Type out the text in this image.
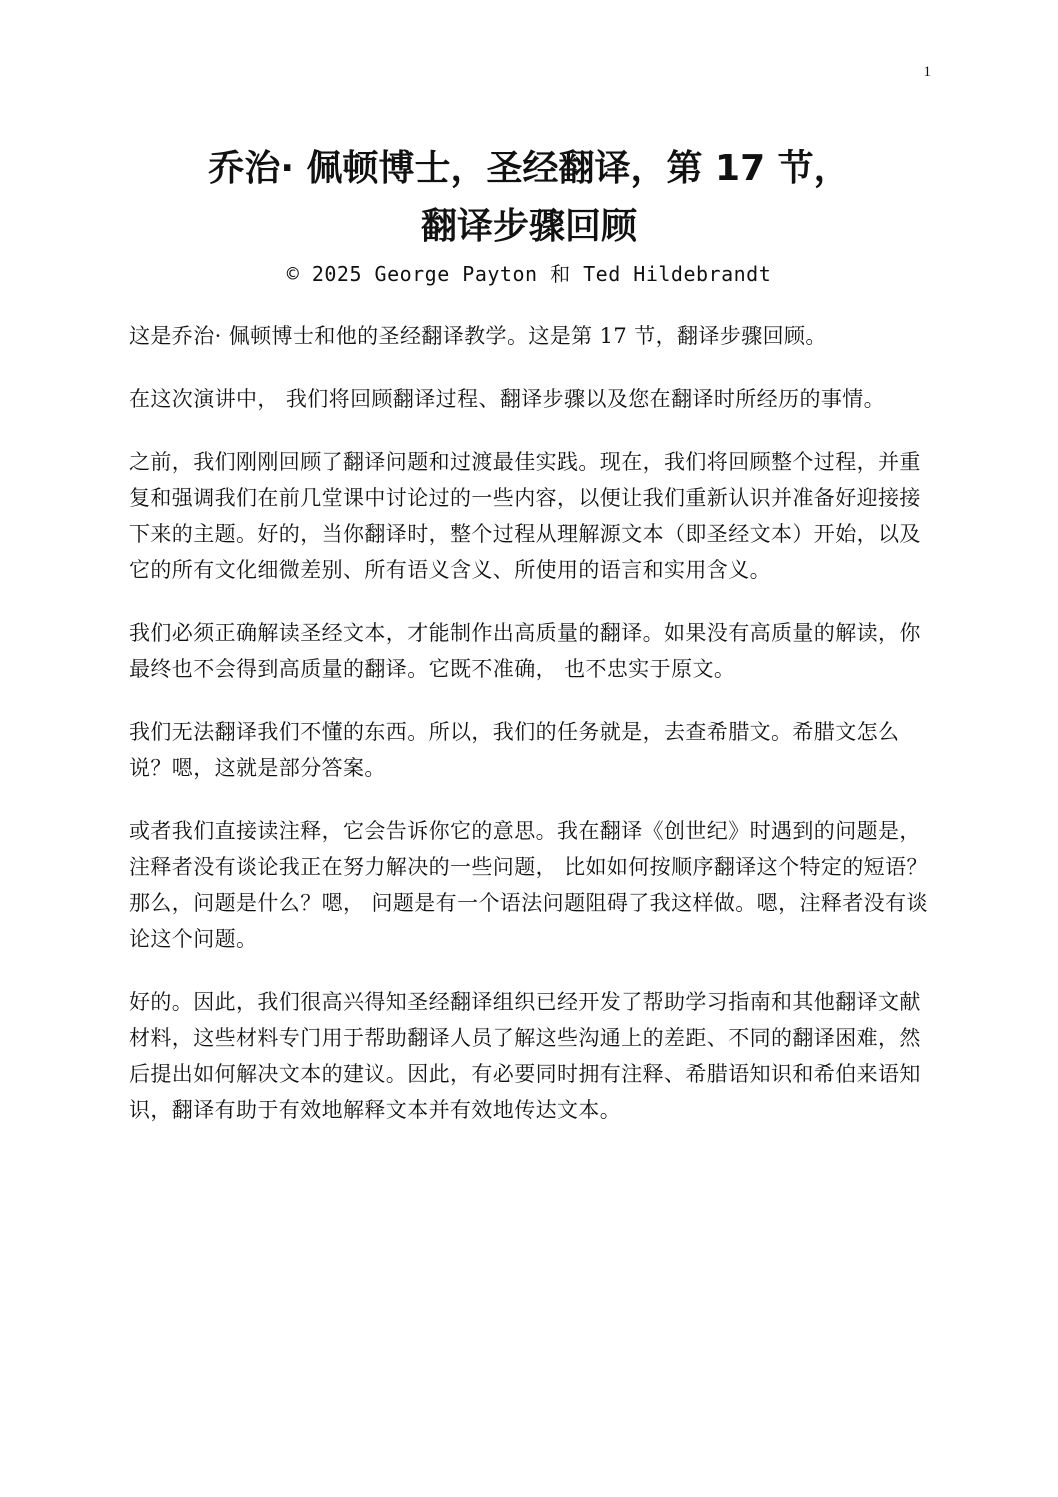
1
乔治· 佩顿博士，圣经翻译，第 17 节，
翻译步骤回顾
© 2025 George Payton 和 Ted Hildebrandt

这是乔治· 佩顿博士和他的圣经翻译教学。这是第 17 节，翻译步骤回顾。

在这次演讲中， 我们将回顾翻译过程、翻译步骤以及您在翻译时所经历的事情。

之前，我们刚刚回顾了翻译问题和过渡最佳实践。现在，我们将回顾整个过程，并重复和强调我们在前几堂课中讨论过的一些内容，以便让我们重新认识并准备好迎接接下来的主题。好的，当你翻译时，整个过程从理解源文本（即圣经文本）开始，以及它的所有文化细微差别、所有语义含义、所使用的语言和实用含义。

我们必须正确解读圣经文本，才能制作出高质量的翻译。如果没有高质量的解读，你最终也不会得到高质量的翻译。它既不准确， 也不忠实于原文。

我们无法翻译我们不懂的东西。所以，我们的任务就是，去查希腊文。希腊文怎么说？嗯，这就是部分答案。

或者我们直接读注释，它会告诉你它的意思。我在翻译《创世纪》时遇到的问题是，注释者没有谈论我正在努力解决的一些问题， 比如如何按顺序翻译这个特定的短语？那么，问题是什么？嗯， 问题是有一个语法问题阻碍了我这样做。嗯，注释者没有谈论这个问题。

好的。因此，我们很高兴得知圣经翻译组织已经开发了帮助学习指南和其他翻译文献材料，这些材料专门用于帮助翻译人员了解这些沟通上的差距、不同的翻译困难，然后提出如何解决文本的建议。因此，有必要同时拥有注释、希腊语知识和希伯来语知识，翻译有助于有效地解释文本并有效地传达文本。
